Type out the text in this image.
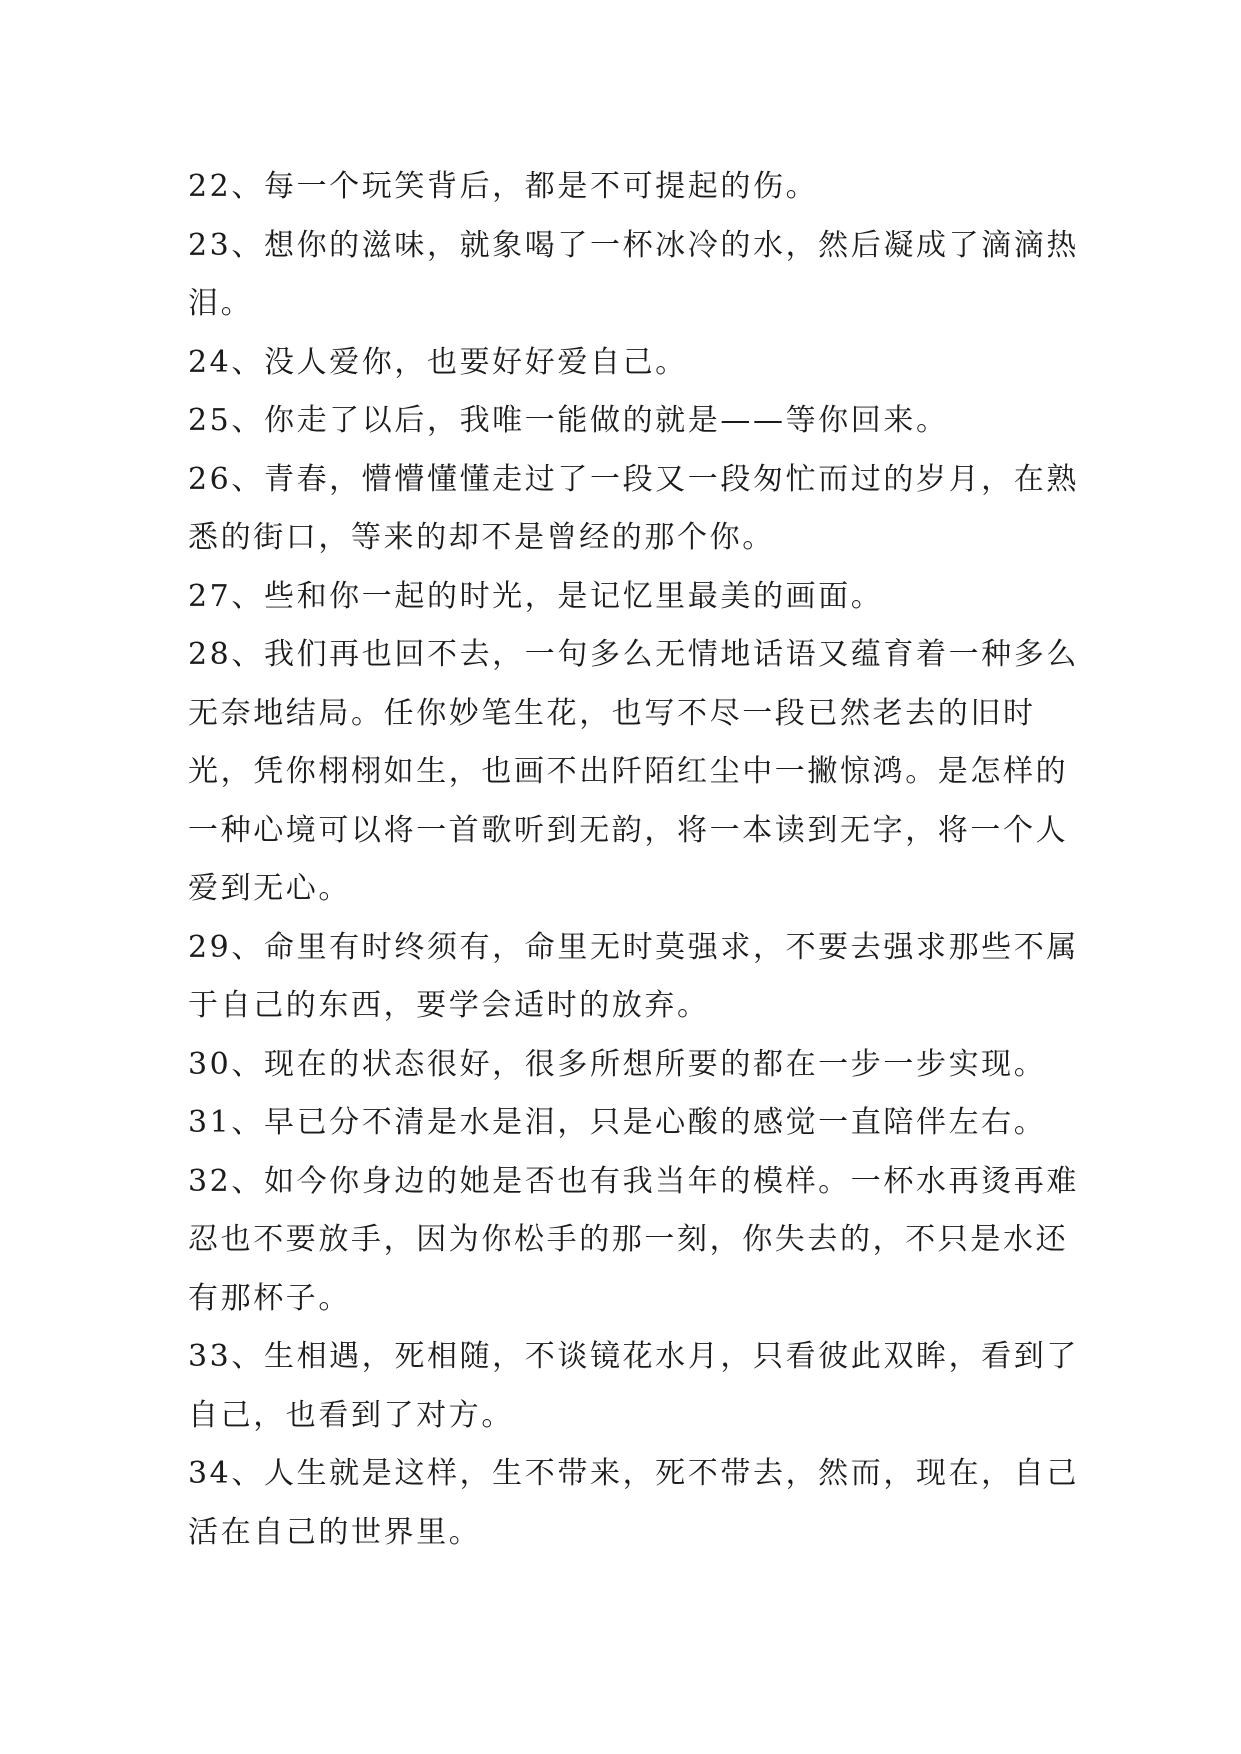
22、每一个玩笑背后，都是不可提起的伤。

23、想你的滋味，就象喝了一杯冰冷的水，然后凝成了滴滴热泪。

24、没人爱你，也要好好爱自己。

25、你走了以后，我唯一能做的就是——等你回来。

26、青春，懵懵懂懂走过了一段又一段匆忙而过的岁月，在熟悉的街口，等来的却不是曾经的那个你。

27、些和你一起的时光，是记忆里最美的画面。

28、我们再也回不去，一句多么无情地话语又蕴育着一种多么无奈地结局。任你妙笔生花，也写不尽一段已然老去的旧时光，凭你栩栩如生，也画不出阡陌红尘中一撇惊鸿。是怎样的一种心境可以将一首歌听到无韵，将一本读到无字，将一个人爱到无心。

29、命里有时终须有，命里无时莫强求，不要去强求那些不属于自己的东西，要学会适时的放弃。

30、现在的状态很好，很多所想所要的都在一步一步实现。

31、早已分不清是水是泪，只是心酸的感觉一直陪伴左右。

32、如今你身边的她是否也有我当年的模样。一杯水再烫再难忍也不要放手，因为你松手的那一刻，你失去的，不只是水还有那杯子。

33、生相遇，死相随，不谈镜花水月，只看彼此双眸，看到了自己，也看到了对方。

34、人生就是这样，生不带来，死不带去，然而，现在，自己活在自己的世界里。
